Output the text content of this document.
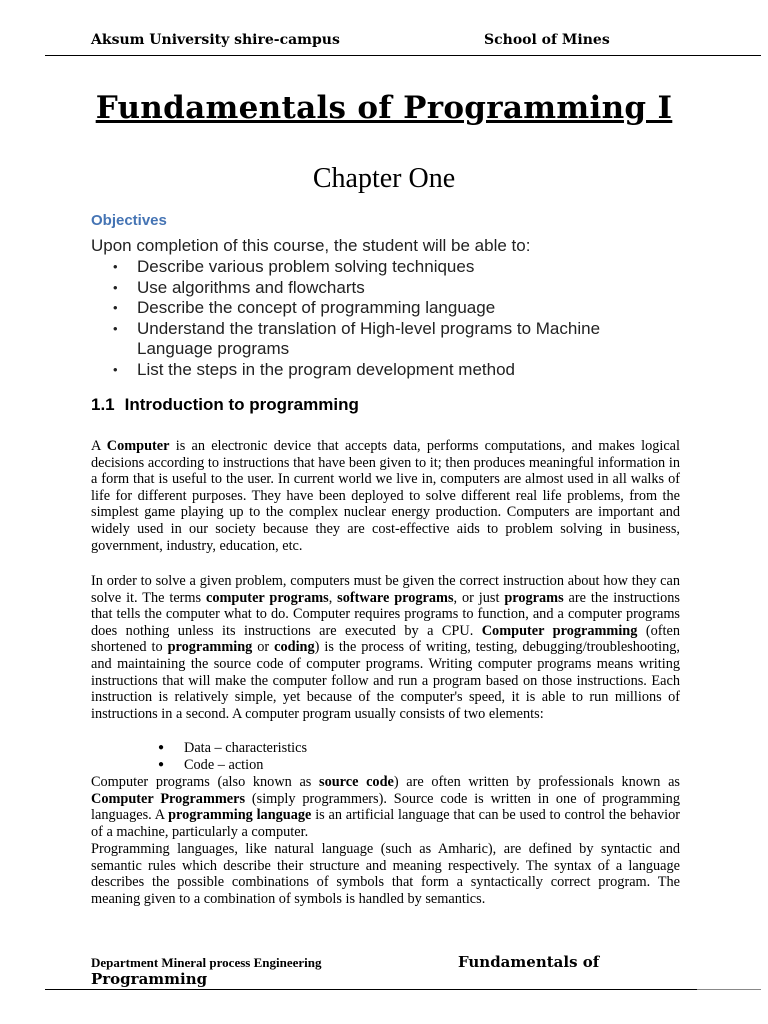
Aksum University shire-campus	School of Mines
Fundamentals of Programming I
Chapter One
Objectives
Upon completion of this course, the student will be able to:
• Describe various problem solving techniques
• Use algorithms and flowcharts
• Describe the concept of programming language
• Understand the translation of High-level programs to Machine Language programs
• List the steps in the program development method
1.1 Introduction to programming

A Computer is an electronic device that accepts data, performs computations, and makes logical decisions according to instructions that have been given to it; then produces meaningful information in a form that is useful to the user. In current world we live in, computers are almost used in all walks of life for different purposes. They have been deployed to solve different real life problems, from the simplest game playing up to the complex nuclear energy production. Computers are important and widely used in our society because they are cost-effective aids to problem solving in business, government, industry, education, etc.

In order to solve a given problem, computers must be given the correct instruction about how they can solve it. The terms computer programs, software programs, or just programs are the instructions that tells the computer what to do. Computer requires programs to function, and a computer programs does nothing unless its instructions are executed by a CPU. Computer programming (often shortened to programming or coding) is the process of writing, testing, debugging/troubleshooting, and maintaining the source code of computer programs. Writing computer programs means writing instructions that will make the computer follow and run a program based on those instructions. Each instruction is relatively simple, yet because of the computer's speed, it is able to run millions of instructions in a second. A computer program usually consists of two elements:

● Data – characteristics
● Code – action

Computer programs (also known as source code) are often written by professionals known as Computer Programmers (simply programmers). Source code is written in one of programming languages. A programming language is an artificial language that can be used to control the behavior of a machine, particularly a computer.

Programming languages, like natural language (such as Amharic), are defined by syntactic and semantic rules which describe their structure and meaning respectively. The syntax of a language describes the possible combinations of symbols that form a syntactically correct program. The meaning given to a combination of symbols is handled by semantics.

Department Mineral process Engineering	Fundamentals of
Programming
